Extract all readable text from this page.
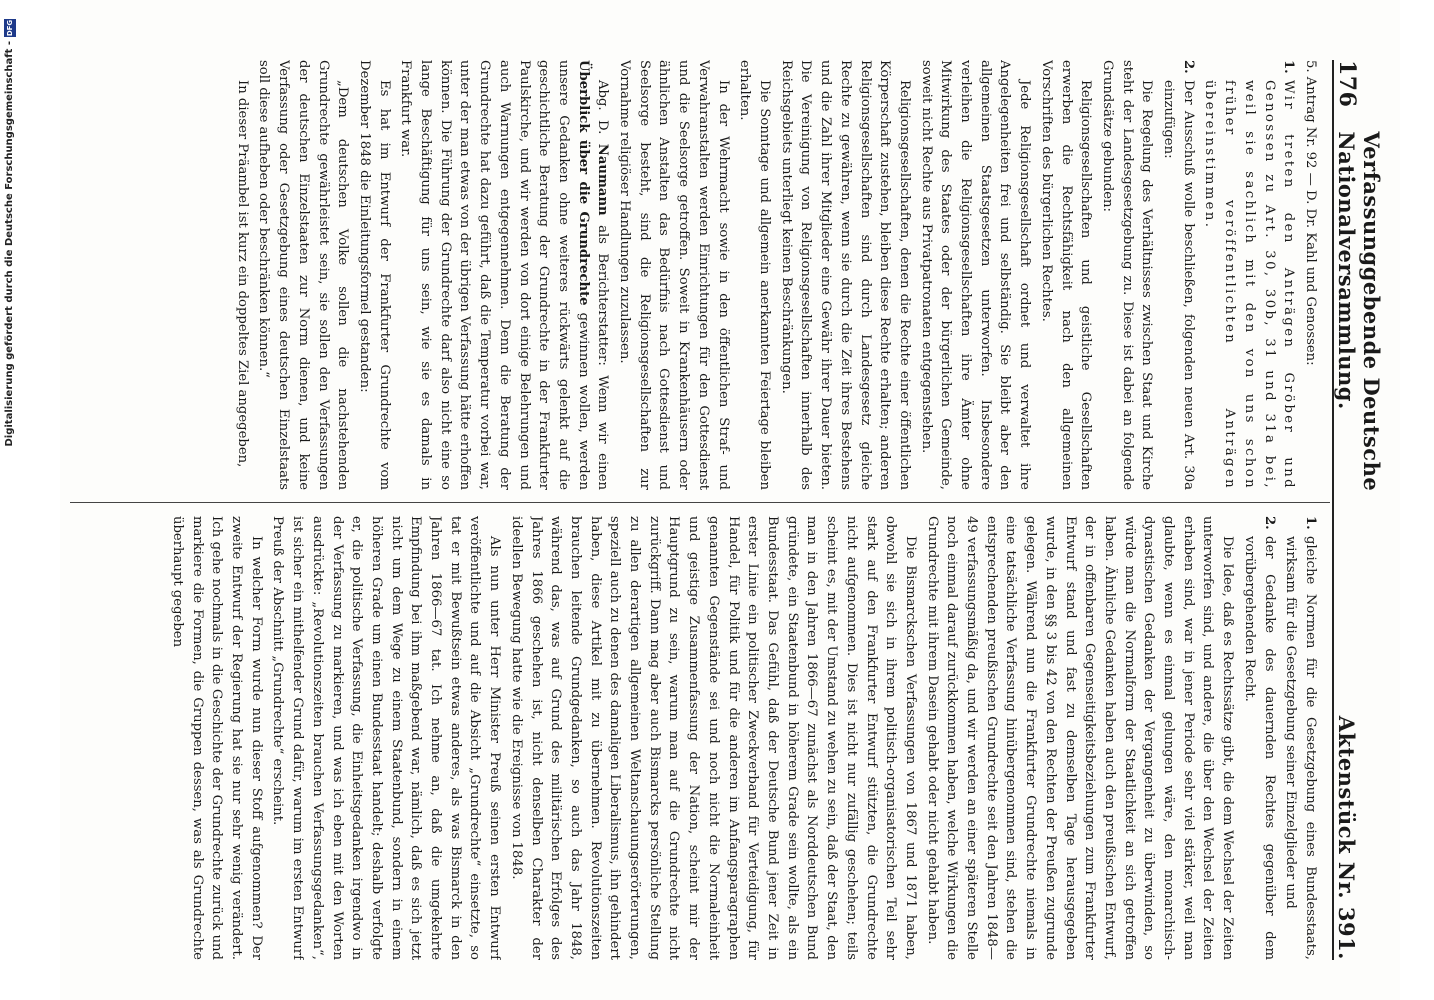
Digitalisierung gefördert durch die Deutsche Forschungsgemeinschaft -
DFG
176
Verfassunggebende Deutsche Nationalversammlung.
Aktenstück Nr. 391.

5. Antrag Nr. 92 — D. Dr. Kahl und Genossen:

1.
Wir treten den Anträgen Gröber und Genossen zu Art. 30, 30b, 31 und 31a bei, weil sie sachlich mit den von uns schon früher veröffentlichten Anträgen übereinstimmen.
2.
Der Ausschuß wolle beschließen, folgenden neuen Art. 30a einzufügen:

Die Regelung des Verhältnisses zwischen Staat und Kirche steht der Landesgesetzgebung zu. Diese ist dabei an folgende Grundsätze gebunden:

Religionsgesellschaften und geistliche Gesellschaften erwerben die Rechtsfähigkeit nach den allgemeinen Vorschriften des bürgerlichen Rechtes.

Jede Religionsgesellschaft ordnet und verwaltet ihre Angelegenheiten frei und selbständig. Sie bleibt aber den allgemeinen Staatsgesetzen unterworfen. Insbesondere verleihen die Religionsgesellschaften ihre Ämter ohne Mitwirkung des Staates oder der bürgerlichen Gemeinde, soweit nicht Rechte aus Privatpatronaten entgegenstehen.

Religionsgesellschaften, denen die Rechte einer öffentlichen Körperschaft zustehen, bleiben diese Rechte erhalten; anderen Religionsgesellschaften sind durch Landesgesetz gleiche Rechte zu gewähren, wenn sie durch die Zeit ihres Bestehens und die Zahl ihrer Mitglieder eine Gewähr ihrer Dauer bieten. Die Vereinigung von Religionsgesellschaften innerhalb des Reichsgebiets unterliegt keinen Beschränkungen.

Die Sonntage und allgemein anerkannten Feiertage bleiben erhalten.

In der Wehrmacht sowie in den öffentlichen Straf- und Verwahranstalten werden Einrichtungen für den Gottesdienst und die Seelsorge getroffen. Soweit in Krankenhäusern oder ähnlichen Anstalten das Bedürfnis nach Gottesdienst und Seelsorge besteht, sind die Religionsgesellschaften zur Vornahme religiöser Handlungen zuzulassen.

Abg. D. Naumann als Berichterstatter: Wenn wir einen Überblick über die Grundrechte gewinnen wollen, werden unsere Gedanken ohne weiteres rückwärts gelenkt auf die geschichtliche Beratung der Grundrechte in der Frankfurter Paulskirche, und wir werden von dort einige Belehrungen und auch Warnungen entgegennehmen. Denn die Beratung der Grundrechte hat dazu geführt, daß die Temperatur vorbei war, unter der man etwas von der übrigen Verfassung hätte erhoffen können. Die Führung der Grundrechte darf also nicht eine so lange Beschäftigung für uns sein, wie sie es damals in Frankfurt war.

Es hat im Entwurf der Frankfurter Grundrechte vom Dezember 1848 die Einleitungsformel gestanden:

„Dem deutschen Volke sollen die nachstehenden Grundrechte gewährleistet sein, sie sollen den Verfassungen der deutschen Einzelstaaten zur Norm dienen, und keine Verfassung oder Gesetzgebung eines deutschen Einzelstaats soll diese aufheben oder beschränken können.“

In dieser Präambel ist kurz ein doppeltes Ziel angegeben,

1.
gleiche Normen für die Gesetzgebung eines Bundesstaats, wirksam für die Gesetzgebung seiner Einzelglieder und
2.
der Gedanke des dauernden Rechtes gegenüber dem vorübergehenden Recht.

Die Idee, daß es Rechtssätze gibt, die dem Wechsel der Zeiten unterworfen sind, und andere, die über den Wechsel der Zeiten erhaben sind, war in jener Periode sehr viel stärker, weil man glaubte, wenn es einmal gelungen wäre, den monarchisch-dynastischen Gedanken der Vergangenheit zu überwinden, so würde man die Normalform der Staatlichkeit an sich getroffen haben. Ähnliche Gedanken haben auch den preußischen Entwurf, der in offenbaren Gegenseitigkeitsbeziehungen zum Frankfurter Entwurf stand und fast zu demselben Tage herausgegeben wurde, in den §§ 3 bis 42 von den Rechten der Preußen zugrunde gelegen. Während nun die Frankfurter Grundrechte niemals in eine tatsächliche Verfassung hinübergenommen sind, stehen die entsprechenden preußischen Grundrechte seit den Jahren 1848—49 verfassungsmäßig da, und wir werden an einer späteren Stelle noch einmal darauf zurückkommen haben, welche Wirkungen die Grundrechte mit ihrem Dasein gehabt oder nicht gehabt haben.

Die Bismarckschen Verfassungen von 1867 und 1871 haben, obwohl sie sich in ihrem politisch-organisatorischen Teil sehr stark auf den Frankfurter Entwurf stützten, die Grundrechte nicht aufgenommen. Dies ist nicht nur zufällig geschehen; teils scheint es, mit der Umstand zu wehen zu sein, daß der Staat, den man in den Jahren 1866—67 zunächst als Norddeutschen Bund gründete, ein Staatenbund in höherem Grade sein wollte, als ein Bundesstaat. Das Gefühl, daß der Deutsche Bund jener Zeit in erster Linie ein politischer Zweckverband für Verteidigung, für Handel, für Politik und für die anderen im Anfangsparagraphen genannten Gegenstände sei und noch nicht die Normaleinheit und geistige Zusammenfassung der Nation, scheint mir der Hauptgrund zu sein, warum man auf die Grundrechte nicht zurückgriff. Dann mag aber auch Bismarcks persönliche Stellung zu allen derartigen allgemeinen Weltanschauungserörterungen, speziell auch zu denen des damaligen Liberalismus, ihn gehindert haben, diese Artikel mit zu übernehmen. Revolutionszeiten brauchen leitende Grundgedanken, so auch das Jahr 1848, während das, was auf Grund des militärischen Erfolges des Jahres 1866 geschehen ist, nicht denselben Charakter der ideellen Bewegung hatte wie die Ereignisse von 1848.

Als nun unter Herr Minister Preuß seinen ersten Entwurf veröffentlichte und auf die Absicht „Grundrechte“ einsetzte, so tat er mit Bewußtsein etwas anderes, als was Bismarck in den Jahren 1866—67 tat. Ich nehme an, daß die umgekehrte Empfindung bei ihm maßgebend war, nämlich, daß es sich jetzt nicht um dem Wege zu einem Staatenbund, sondern in einem höheren Grade um einen Bundesstaat handelt; deshalb verfolgte er, die politische Verfassung, die Einheitsgedanken irgendwo in der Verfassung zu markieren, und was ich eben mit den Worten ausdrückte: „Revolutionszeiten brauchen Verfassungsgedanken“, ist sicher ein mithelfender Grund dafür, warum im ersten Entwurf Preuß der Abschnitt „Grundrechte“ erscheint.

In welcher Form wurde nun dieser Stoff aufgenommen? Der zweite Entwurf der Regierung hat sie nur sehr wenig verändert. Ich gehe nochmals in die Geschichte der Grundrechte zurück und markiere die Formen, die Gruppen dessen, was als Grundrechte überhaupt gegeben
